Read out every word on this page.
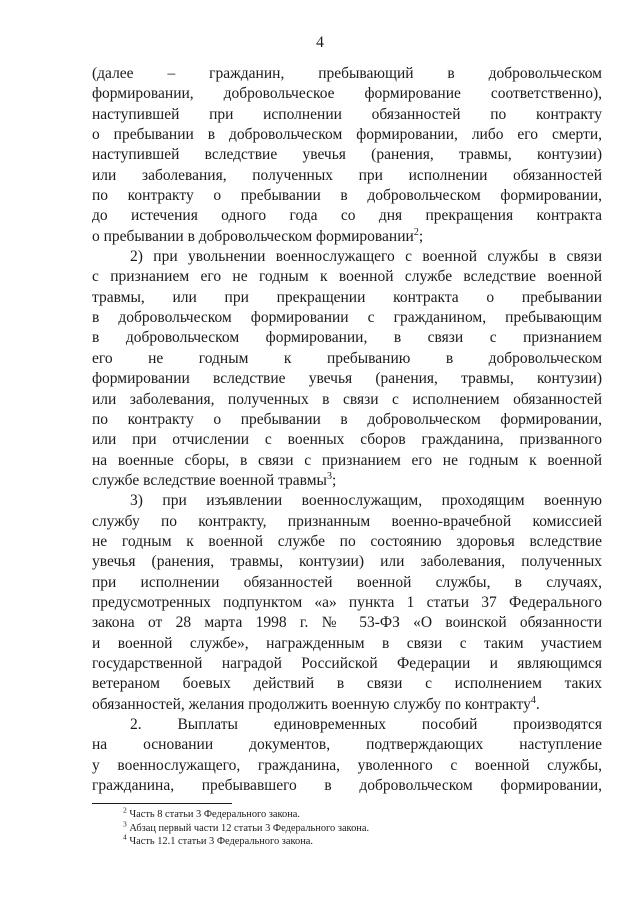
4
(далее – гражданин, пребывающий в добровольческом
формировании, добровольческое формирование соответственно),
наступившей при исполнении обязанностей по контракту
о пребывании в добровольческом формировании, либо его смерти,
наступившей вследствие увечья (ранения, травмы, контузии)
или заболевания, полученных при исполнении обязанностей
по контракту о пребывании в добровольческом формировании,
до истечения одного года со дня прекращения контракта
о пребывании в добровольческом формировании$^2$;
2) при увольнении военнослужащего с военной службы в связи
с признанием его не годным к военной службе вследствие военной
травмы, или при прекращении контракта о пребывании
в добровольческом формировании с гражданином, пребывающим
в добровольческом формировании, в связи с признанием
его не годным к пребыванию в добровольческом
формировании вследствие увечья (ранения, травмы, контузии)
или заболевания, полученных в связи с исполнением обязанностей
по контракту о пребывании в добровольческом формировании,
или при отчислении с военных сборов гражданина, призванного
на военные сборы, в связи с признанием его не годным к военной
службе вследствие военной травмы$^3$;
3) при изъявлении военнослужащим, проходящим военную
службу по контракту, признанным военно-врачебной комиссией
не годным к военной службе по состоянию здоровья вследствие
увечья (ранения, травмы, контузии) или заболевания, полученных
при исполнении обязанностей военной службы, в случаях,
предусмотренных подпунктом «а» пункта 1 статьи 37 Федерального
закона от 28 марта 1998 г. № 53-ФЗ «О воинской обязанности
и военной службе», награжденным в связи с таким участием
государственной наградой Российской Федерации и являющимся
ветераном боевых действий в связи с исполнением таких
обязанностей, желания продолжить военную службу по контракту$^4$.
2. Выплаты единовременных пособий производятся
на основании документов, подтверждающих наступление
у военнослужащего, гражданина, уволенного с военной службы,
гражданина, пребывавшего в добровольческом формировании,
$^2$ Часть 8 статьи 3 Федерального закона.
$^3$ Абзац первый части 12 статьи 3 Федерального закона.
$^4$ Часть 12.1 статьи 3 Федерального закона.
